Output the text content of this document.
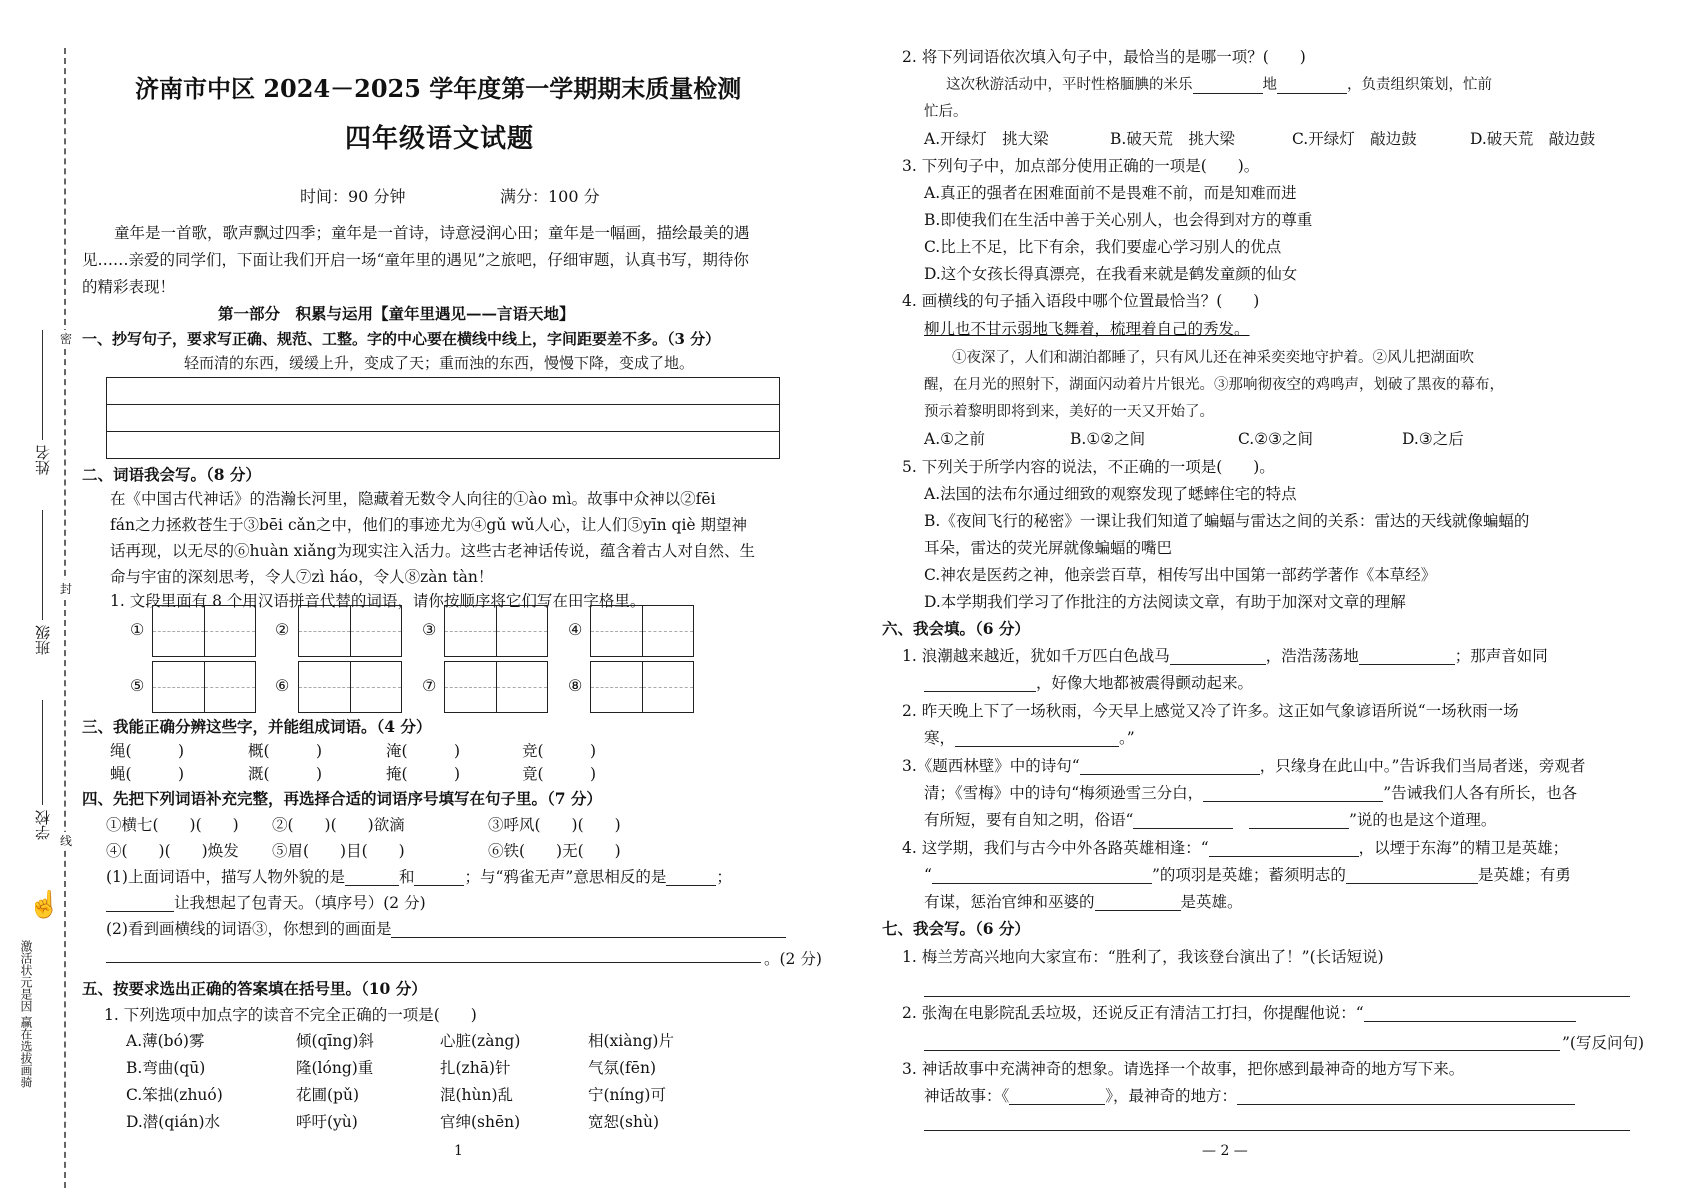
密
封
线
姓名
班级
学校
☝
激活状元是因 赢在选拔画骑
济南市中区 2024－2025 学年度第一学期期末质量检测
四年级语文试题
时间：90 分钟	满分：100 分
童年是一首歌，歌声飘过四季；童年是一首诗，诗意浸润心田；童年是一幅画，描绘最美的遇
见……亲爱的同学们，下面让我们开启一场“童年里的遇见”之旅吧，仔细审题，认真书写，期待你
的精彩表现！
第一部分　积累与运用【童年里遇见——言语天地】
一、抄写句子，要求写正确、规范、工整。字的中心要在横线中线上，字间距要差不多。（3 分）
轻而清的东西，缓缓上升，变成了天；重而浊的东西，慢慢下降，变成了地。
二、词语我会写。（8 分）
在《中国古代神话》的浩瀚长河里，隐藏着无数令人向往的①ào mì。故事中众神以②fēi
fán之力拯救苍生于③bēi cǎn之中，他们的事迹尤为④gǔ wǔ人心，让人们⑤yīn qiè 期望神
话再现，以无尽的⑥huàn xiǎng为现实注入活力。这些古老神话传说，蕴含着古人对自然、生
命与宇宙的深刻思考，令人⑦zì háo，令人⑧zàn tàn！
1. 文段里面有 8 个用汉语拼音代替的词语，请你按顺序将它们写在田字格里。
①	②	③	④
⑤	⑥	⑦	⑧
三、我能正确分辨这些字，并能组成词语。（4 分）
绳(　　　)	概(　　　)	淹(　　　)	竞(　　　)
蝇(　　　)	溉(　　　)	掩(　　　)	竟(　　　)
四、先把下列词语补充完整，再选择合适的词语序号填写在句子里。（7 分）
①横七(　　)(　　) ②(　　)(　　)欲滴	③呼风(　　)(　　)
④(　　)(　　)焕发 ⑤眉(　　)目(　　)	⑥铁(　　)无(　　)
(1)上面词语中，描写人物外貌的是	和	；与“鸦雀无声”意思相反的是	；
让我想起了包青天。（填序号）(2 分)
(2)看到画横线的词语③，你想到的画面是
。(2 分)
五、按要求选出正确的答案填在括号里。（10 分）
1. 下列选项中加点字的读音不完全正确的一项是(　　)
A.薄(bó)雾	倾(qīng)斜	心脏(zàng)	相(xiàng)片
B.弯曲(qū)	隆(lóng)重	扎(zhā)针	气氛(fēn)
C.笨拙(zhuó)	花圃(pǔ)	混(hùn)乱	宁(níng)可
D.潜(qián)水	呼吁(yù)	官绅(shēn)	宽恕(shù)
1
2. 将下列词语依次填入句子中，最恰当的是哪一项？(　　)
这次秋游活动中，平时性格腼腆的米乐	地	，负责组织策划，忙前
忙后。
A.开绿灯　挑大梁	B.破天荒　挑大梁	C.开绿灯　敲边鼓	D.破天荒　敲边鼓
3. 下列句子中，加点部分使用正确的一项是(　　)。
A.真正的强者在困难面前不是畏难不前，而是知难而进
B.即使我们在生活中善于关心别人，也会得到对方的尊重
C.比上不足，比下有余，我们要虚心学习别人的优点
D.这个女孩长得真漂亮，在我看来就是鹤发童颜的仙女
4. 画横线的句子插入语段中哪个位置最恰当？(　　)
柳儿也不甘示弱地飞舞着，梳理着自己的秀发。
①夜深了，人们和湖泊都睡了，只有风儿还在神采奕奕地守护着。②风儿把湖面吹
醒，在月光的照射下，湖面闪动着片片银光。③那响彻夜空的鸡鸣声，划破了黑夜的幕布，
预示着黎明即将到来，美好的一天又开始了。
A.①之前	B.①②之间	C.②③之间	D.③之后
5. 下列关于所学内容的说法，不正确的一项是(　　)。
A.法国的法布尔通过细致的观察发现了蟋蟀住宅的特点
B.《夜间飞行的秘密》一课让我们知道了蝙蝠与雷达之间的关系：雷达的天线就像蝙蝠的
耳朵，雷达的荧光屏就像蝙蝠的嘴巴
C.神农是医药之神，他亲尝百草，相传写出中国第一部药学著作《本草经》
D.本学期我们学习了作批注的方法阅读文章，有助于加深对文章的理解
六、我会填。（6 分）
1. 浪潮越来越近，犹如千万匹白色战马	，浩浩荡荡地	；那声音如同
，好像大地都被震得颤动起来。
2. 昨天晚上下了一场秋雨，今天早上感觉又冷了许多。这正如气象谚语所说“一场秋雨一场
寒，	。”
3.《题西林壁》中的诗句“	，只缘身在此山中。”告诉我们当局者迷，旁观者
清；《雪梅》中的诗句“梅须逊雪三分白，	”告诫我们人各有所长，也各
有所短，要有自知之明，俗语“　	”说的也是这个道理。
4. 这学期，我们与古今中外各路英雄相逢：“	，以堙于东海”的精卫是英雄；
“	”的项羽是英雄；蓄须明志的	是英雄；有勇
有谋，惩治官绅和巫婆的	是英雄。
七、我会写。（6 分）
1. 梅兰芳高兴地向大家宣布：“胜利了，我该登台演出了！”(长话短说)
2. 张淘在电影院乱丢垃圾，还说反正有清洁工打扫，你提醒他说：“
”(写反问句)
3. 神话故事中充满神奇的想象。请选择一个故事，把你感到最神奇的地方写下来。
神话故事：《	》，最神奇的地方：
— 2 —
